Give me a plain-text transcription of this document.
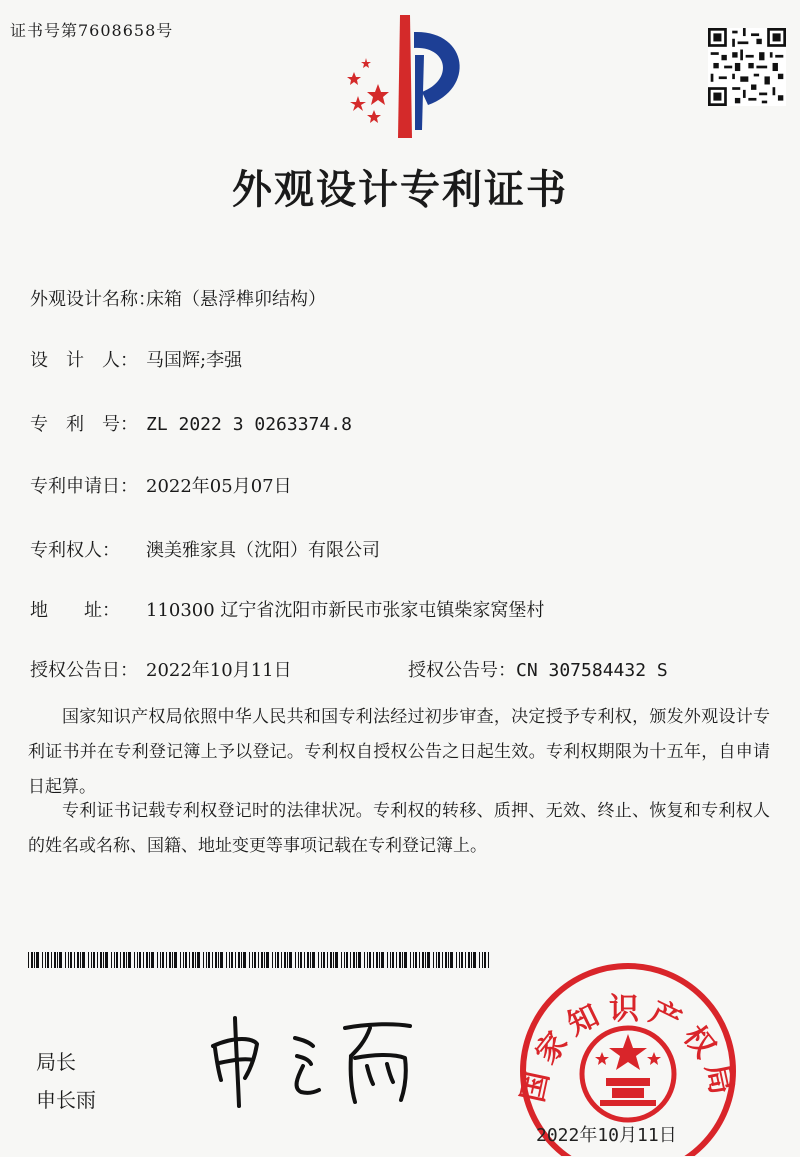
证书号第7608658号
外观设计专利证书
外观设计名称：床箱（悬浮榫卯结构）
设　计　人： 马国辉;李强
专　利　号： ZL 2022 3 0263374.8
专利申请日： 2022年05月07日
专利权人： 澳美雅家具（沈阳）有限公司
地　　址： 110300 辽宁省沈阳市新民市张家屯镇柴家窝堡村
授权公告日： 2022年10月11日	授权公告号：CN 307584432 S
国家知识产权局依照中华人民共和国专利法经过初步审查，决定授予专利权，颁发外观设计专利证书并在专利登记簿上予以登记。专利权自授权公告之日起生效。专利权期限为十五年，自申请日起算。
专利证书记载专利权登记时的法律状况。专利权的转移、质押、无效、终止、恢复和专利权人的姓名或名称、国籍、地址变更等事项记载在专利登记簿上。
局长
申长雨	国家知识产权局
2022年10月11日
